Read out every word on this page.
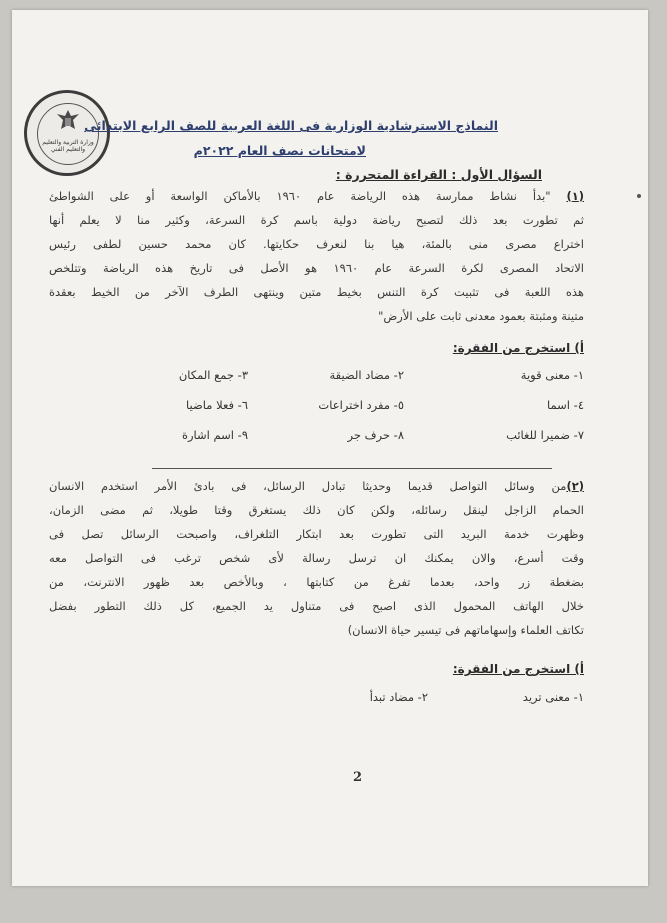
وزارة التربية والتعليم والتعليم الفني
النماذج الاسترشادية الوزارية فى اللغة العربية للصف الرابع الابتدائى
لامتحانات نصف العام ٢٠٢٢م
السؤال الأول : القراءة المتحررة :
(١) "بدأ نشاط ممارسة هذه الرياضة عام ١٩٦٠ بالأماكن الواسعة أو على الشواطئ
ثم تطورت بعد ذلك لتصبح رياضة دولية باسم كرة السرعة، وكثير منا لا يعلم أنها
اختراع مصرى منى بالمئة، هيا بنا لنعرف حكايتها. كان محمد حسين لطفى رئيس
الاتحاد المصرى لكرة السرعة عام ١٩٦٠ هو الأصل فى تاريخ هذه الرياضة وتتلخص
هذه اللعبة فى تثبيت كرة التنس بخيط متين وينتهى الطرف الآخر من الخيط بعقدة
متينة ومثبتة بعمود معدنى ثابت على الأرض"
أ) استخرج من الفقرة:
١- معنى قوية
٢- مضاد الضيقة
٣- جمع المكان
٤- اسما
٥- مفرد اختراعات
٦- فعلا ماضيا
٧- ضميرا للغائب
٨- حرف جر
٩- اسم اشارة
(٢)من وسائل التواصل قديما وحديثا تبادل الرسائل، فى بادئ الأمر استخدم الانسان
الحمام الزاجل لينقل رسائله، ولكن كان ذلك يستغرق وقتا طويلا، ثم مضى الزمان،
وظهرت خدمة البريد التى تطورت بعد ابتكار التلغراف، واصبحت الرسائل تصل فى
وقت أسرع، والان يمكنك ان ترسل رسالة لأى شخص ترغب فى التواصل معه
بضغطة زر واحد، بعدما تفرغ من كتابتها ، وبالأخص بعد ظهور الانترنت، من
خلال الهاتف المحمول الذى اصبح فى متناول يد الجميع، كل ذلك التطور بفضل
تكاتف العلماء وإسهاماتهم فى تيسير حياة الانسان)
أ) استخرج من الفقرة:
١- معنى تريد
٢- مضاد تبدأ
2
